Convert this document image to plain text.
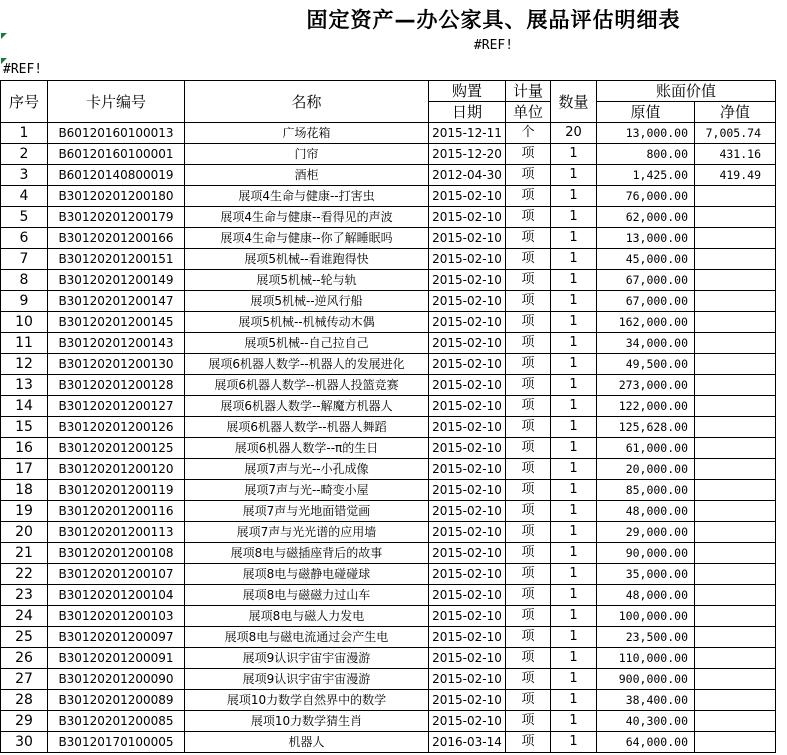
固定资产—办公家具、展品评估明细表
#REF!
#REF!
序号	卡片编号	名称	购置	计量	数量	账面价值	
			日期	单位		原值	净值
1	B60120160100013	广场花箱	2015-12-11	个	20	13,000.00	7,005.74
2	B60120160100001	门帘	2015-12-20	项	1	800.00	431.16
3	B60120140800019	酒柜	2012-04-30	项	1	1,425.00	419.49
4	B30120201200180	展项4生命与健康--打害虫	2015-02-10	项	1	76,000.00	
5	B30120201200179	展项4生命与健康--看得见的声波	2015-02-10	项	1	62,000.00	
6	B30120201200166	展项4生命与健康--你了解睡眠吗	2015-02-10	项	1	13,000.00	
7	B30120201200151	展项5机械--看谁跑得快	2015-02-10	项	1	45,000.00	
8	B30120201200149	展项5机械--轮与轨	2015-02-10	项	1	67,000.00	
9	B30120201200147	展项5机械--逆风行船	2015-02-10	项	1	67,000.00	
10	B30120201200145	展项5机械--机械传动木偶	2015-02-10	项	1	162,000.00	
11	B30120201200143	展项5机械--自己拉自己	2015-02-10	项	1	34,000.00	
12	B30120201200130	展项6机器人数学--机器人的发展进化	2015-02-10	项	1	49,500.00	
13	B30120201200128	展项6机器人数学--机器人投篮竞赛	2015-02-10	项	1	273,000.00	
14	B30120201200127	展项6机器人数学--解魔方机器人	2015-02-10	项	1	122,000.00	
15	B30120201200126	展项6机器人数学--机器人舞蹈	2015-02-10	项	1	125,628.00	
16	B30120201200125	展项6机器人数学--π的生日	2015-02-10	项	1	61,000.00	
17	B30120201200120	展项7声与光--小孔成像	2015-02-10	项	1	20,000.00	
18	B30120201200119	展项7声与光--畸变小屋	2015-02-10	项	1	85,000.00	
19	B30120201200116	展项7声与光地面错觉画	2015-02-10	项	1	48,000.00	
20	B30120201200113	展项7声与光光谱的应用墙	2015-02-10	项	1	29,000.00	
21	B30120201200108	展项8电与磁插座背后的故事	2015-02-10	项	1	90,000.00	
22	B30120201200107	展项8电与磁静电碰碰球	2015-02-10	项	1	35,000.00	
23	B30120201200104	展项8电与磁磁力过山车	2015-02-10	项	1	48,000.00	
24	B30120201200103	展项8电与磁人力发电	2015-02-10	项	1	100,000.00	
25	B30120201200097	展项8电与磁电流通过会产生电	2015-02-10	项	1	23,500.00	
26	B30120201200091	展项9认识宇宙宇宙漫游	2015-02-10	项	1	110,000.00	
27	B30120201200090	展项9认识宇宙宇宙漫游	2015-02-10	项	1	900,000.00	
28	B30120201200089	展项10力数学自然界中的数学	2015-02-10	项	1	38,400.00	
29	B30120201200085	展项10力数学猜生肖	2015-02-10	项	1	40,300.00	
30	B30120170100005	机器人	2016-03-14	项	1	64,000.00	
